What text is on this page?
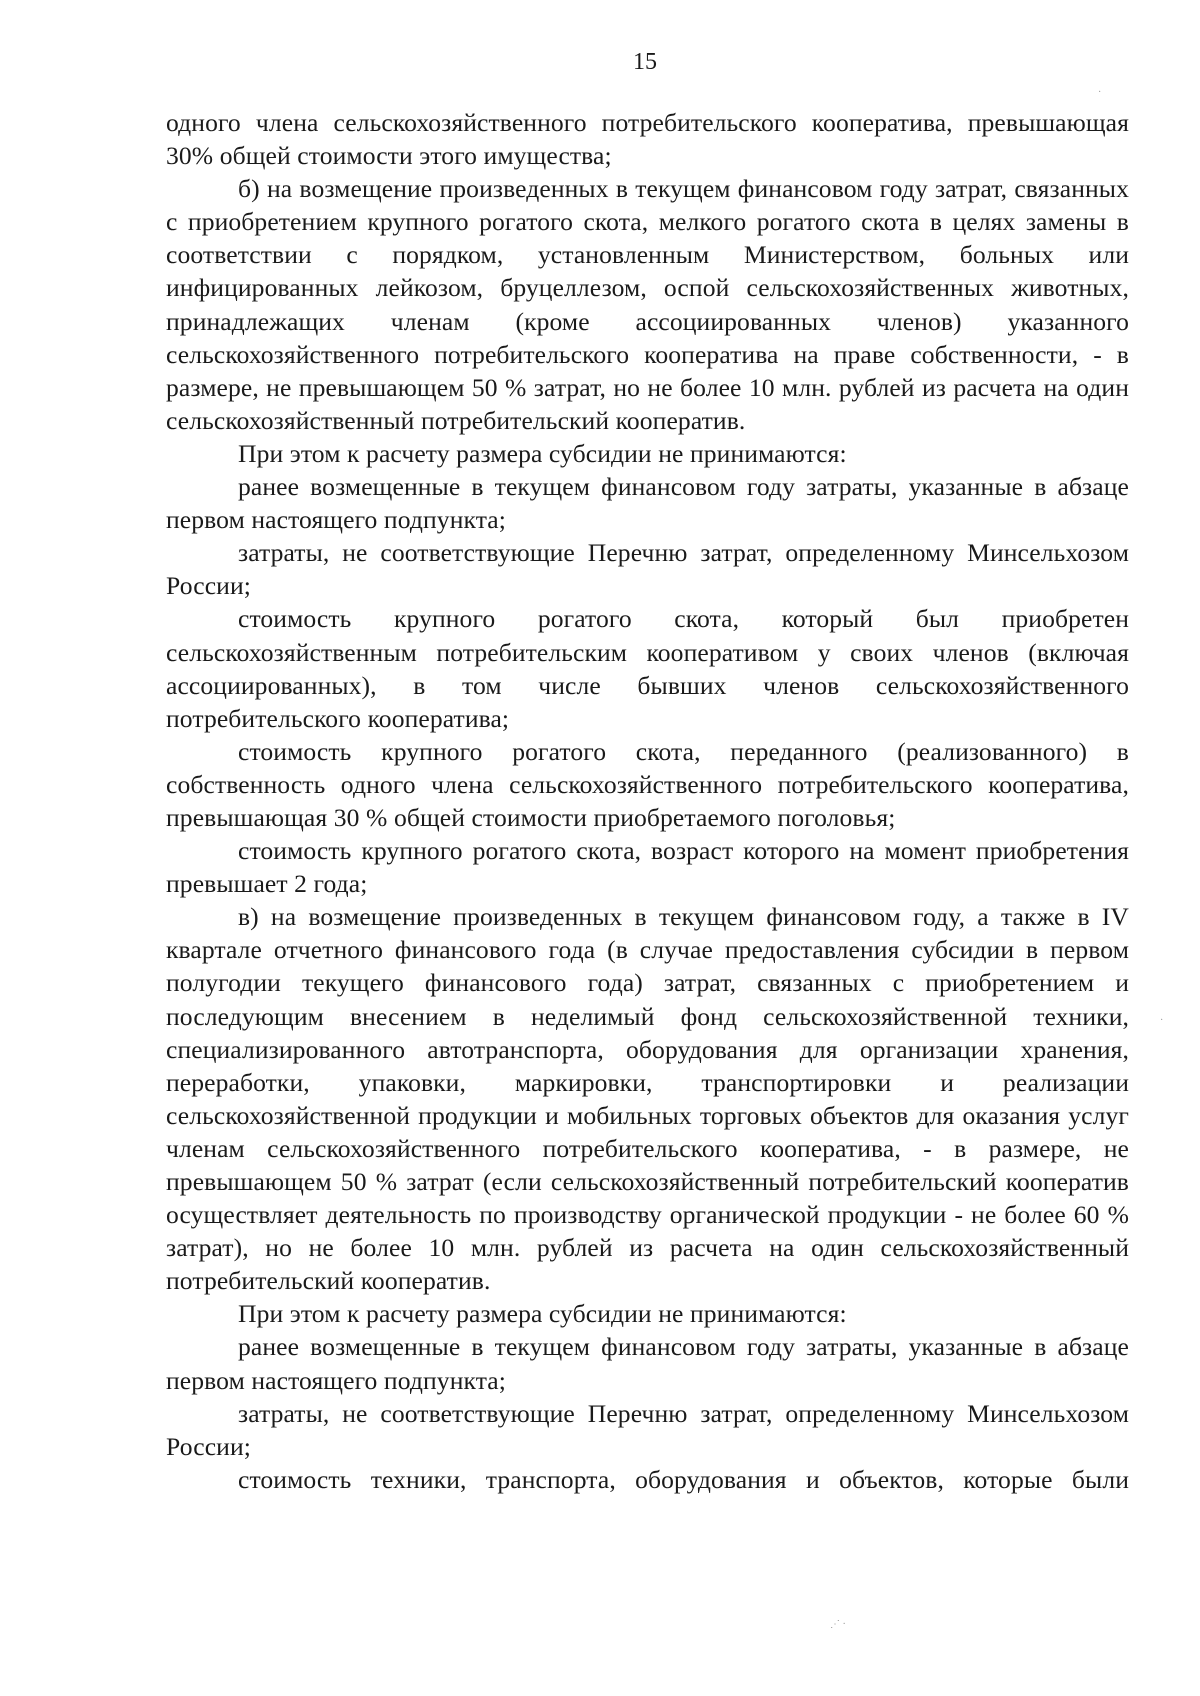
15

одного члена сельскохозяйственного потребительского кооператива, превышающая 30% общей стоимости этого имущества;

б) на возмещение произведенных в текущем финансовом году затрат, связанных с приобретением крупного рогатого скота, мелкого рогатого скота в целях замены в соответствии с порядком, установленным Министерством, больных или инфицированных лейкозом, бруцеллезом, оспой сельскохозяйственных животных, принадлежащих членам (кроме ассоциированных членов) указанного сельскохозяйственного потребительского кооператива на праве собственности, - в размере, не превышающем 50 % затрат, но не более 10 млн. рублей из расчета на один сельскохозяйственный потребительский кооператив.

При этом к расчету размера субсидии не принимаются:

ранее возмещенные в текущем финансовом году затраты, указанные в абзаце первом настоящего подпункта;

затраты, не соответствующие Перечню затрат, определенному Минсельхозом России;

стоимость крупного рогатого скота, который был приобретен сельскохозяйственным потребительским кооперативом у своих членов (включая ассоциированных), в том числе бывших членов сельскохозяйственного потребительского кооператива;

стоимость крупного рогатого скота, переданного (реализованного) в собственность одного члена сельскохозяйственного потребительского кооператива, превышающая 30 % общей стоимости приобретаемого поголовья;

стоимость крупного рогатого скота, возраст которого на момент приобретения превышает 2 года;

в) на возмещение произведенных в текущем финансовом году, а также в IV квартале отчетного финансового года (в случае предоставления субсидии в первом полугодии текущего финансового года) затрат, связанных с приобретением и последующим внесением в неделимый фонд сельскохозяйственной техники, специализированного автотранспорта, оборудования для организации хранения, переработки, упаковки, маркировки, транспортировки и реализации сельскохозяйственной продукции и мобильных торговых объектов для оказания услуг членам сельскохозяйственного потребительского кооператива, - в размере, не превышающем 50 % затрат (если сельскохозяйственный потребительский кооператив осуществляет деятельность по производству органической продукции - не более 60 % затрат), но не более 10 млн. рублей из расчета на один сельскохозяйственный потребительский кооператив.

При этом к расчету размера субсидии не принимаются:

ранее возмещенные в текущем финансовом году затраты, указанные в абзаце первом настоящего подпункта;

затраты, не соответствующие Перечню затрат, определенному Минсельхозом России;

стоимость техники, транспорта, оборудования и объектов, которые были

⋰ ·
·
·
